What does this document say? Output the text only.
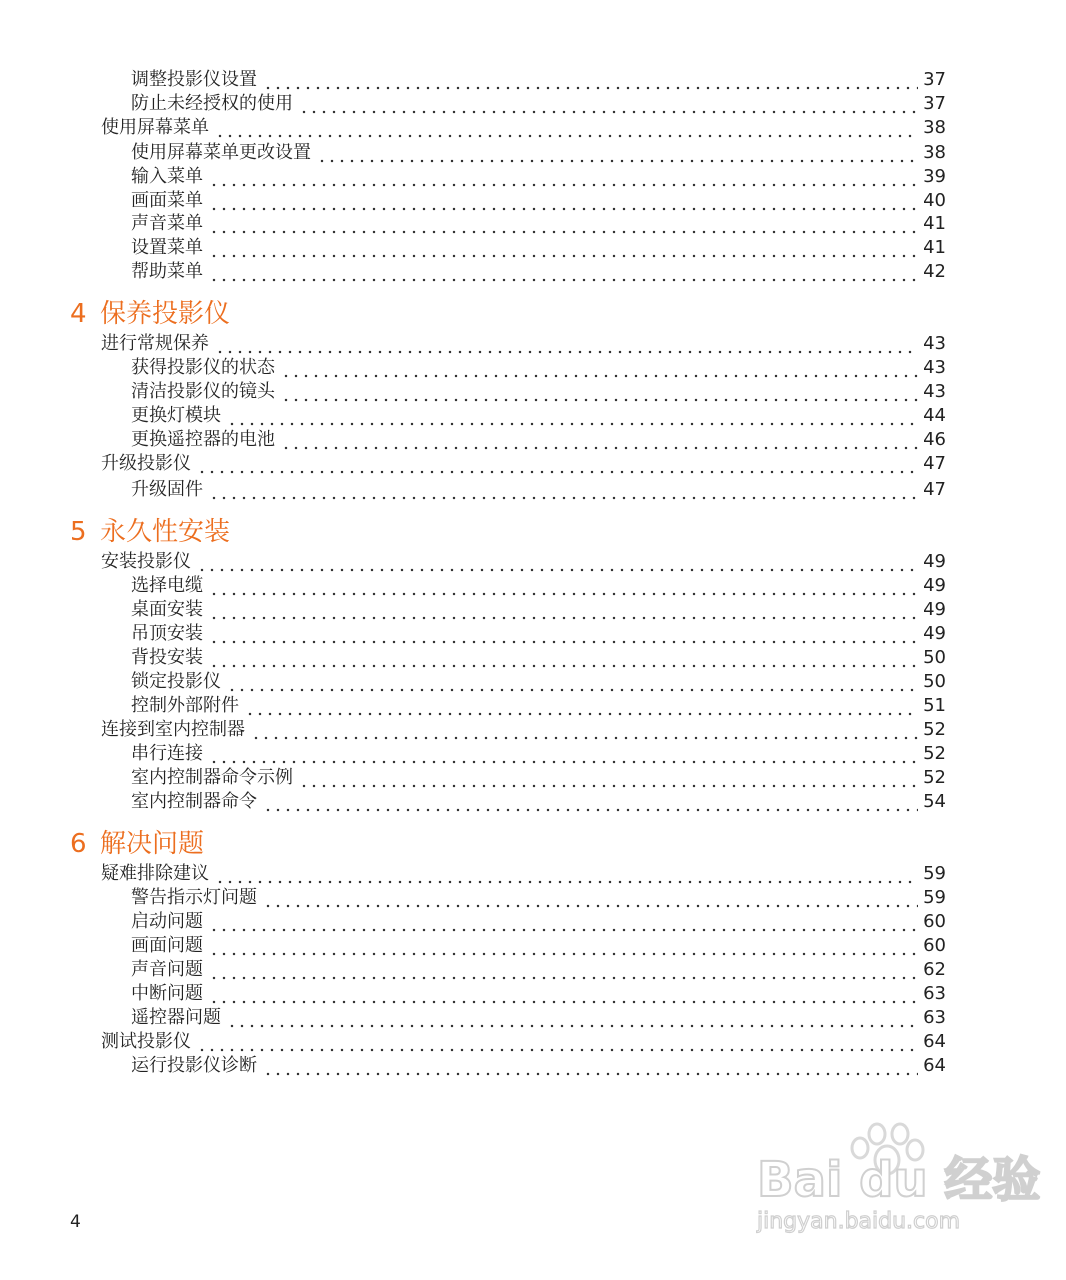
调整投影仪设置	37
防止未经授权的使用	37
使用屏幕菜单	38
使用屏幕菜单更改设置	38
输入菜单	39
画面菜单	40
声音菜单	41
设置菜单	41
帮助菜单	42
4 保养投影仪
进行常规保养	43
获得投影仪的状态	43
清洁投影仪的镜头	43
更换灯模块	44
更换遥控器的电池	46
升级投影仪	47
升级固件	47
5 永久性安装
安装投影仪	49
选择电缆	49
桌面安装	49
吊顶安装	49
背投安装	50
锁定投影仪	50
控制外部附件	51
连接到室内控制器	52
串行连接	52
室内控制器命令示例	52
室内控制器命令	54
6 解决问题
疑难排除建议	59
警告指示灯问题	59
启动问题	60
画面问题	60
声音问题	62
中断问题	63
遥控器问题	63
测试投影仪	64
运行投影仪诊断	64
4
Bai du 经验
jingyan.baidu.com
